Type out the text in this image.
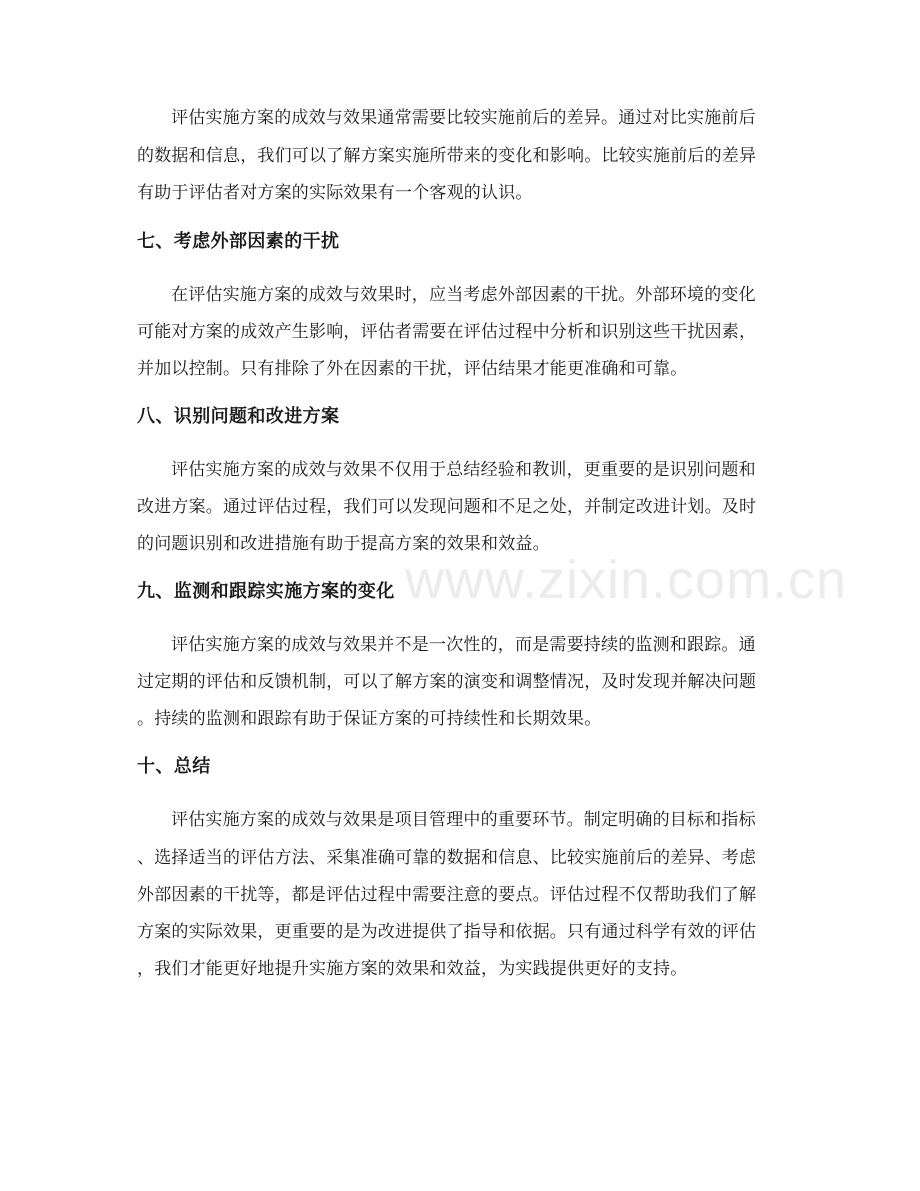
评估实施方案的成效与效果通常需要比较实施前后的差异。通过对比实施前后
的数据和信息，我们可以了解方案实施所带来的变化和影响。比较实施前后的差异
有助于评估者对方案的实际效果有一个客观的认识。
七、考虑外部因素的干扰
在评估实施方案的成效与效果时，应当考虑外部因素的干扰。外部环境的变化
可能对方案的成效产生影响，评估者需要在评估过程中分析和识别这些干扰因素，
并加以控制。只有排除了外在因素的干扰，评估结果才能更准确和可靠。
八、识别问题和改进方案
评估实施方案的成效与效果不仅用于总结经验和教训，更重要的是识别问题和
改进方案。通过评估过程，我们可以发现问题和不足之处，并制定改进计划。及时
的问题识别和改进措施有助于提高方案的效果和效益。
九、监测和跟踪实施方案的变化
评估实施方案的成效与效果并不是一次性的，而是需要持续的监测和跟踪。通
过定期的评估和反馈机制，可以了解方案的演变和调整情况，及时发现并解决问题
。持续的监测和跟踪有助于保证方案的可持续性和长期效果。
十、总结
评估实施方案的成效与效果是项目管理中的重要环节。制定明确的目标和指标
、选择适当的评估方法、采集准确可靠的数据和信息、比较实施前后的差异、考虑
外部因素的干扰等，都是评估过程中需要注意的要点。评估过程不仅帮助我们了解
方案的实际效果，更重要的是为改进提供了指导和依据。只有通过科学有效的评估
，我们才能更好地提升实施方案的效果和效益，为实践提供更好的支持。
www.zixin.com.cn
